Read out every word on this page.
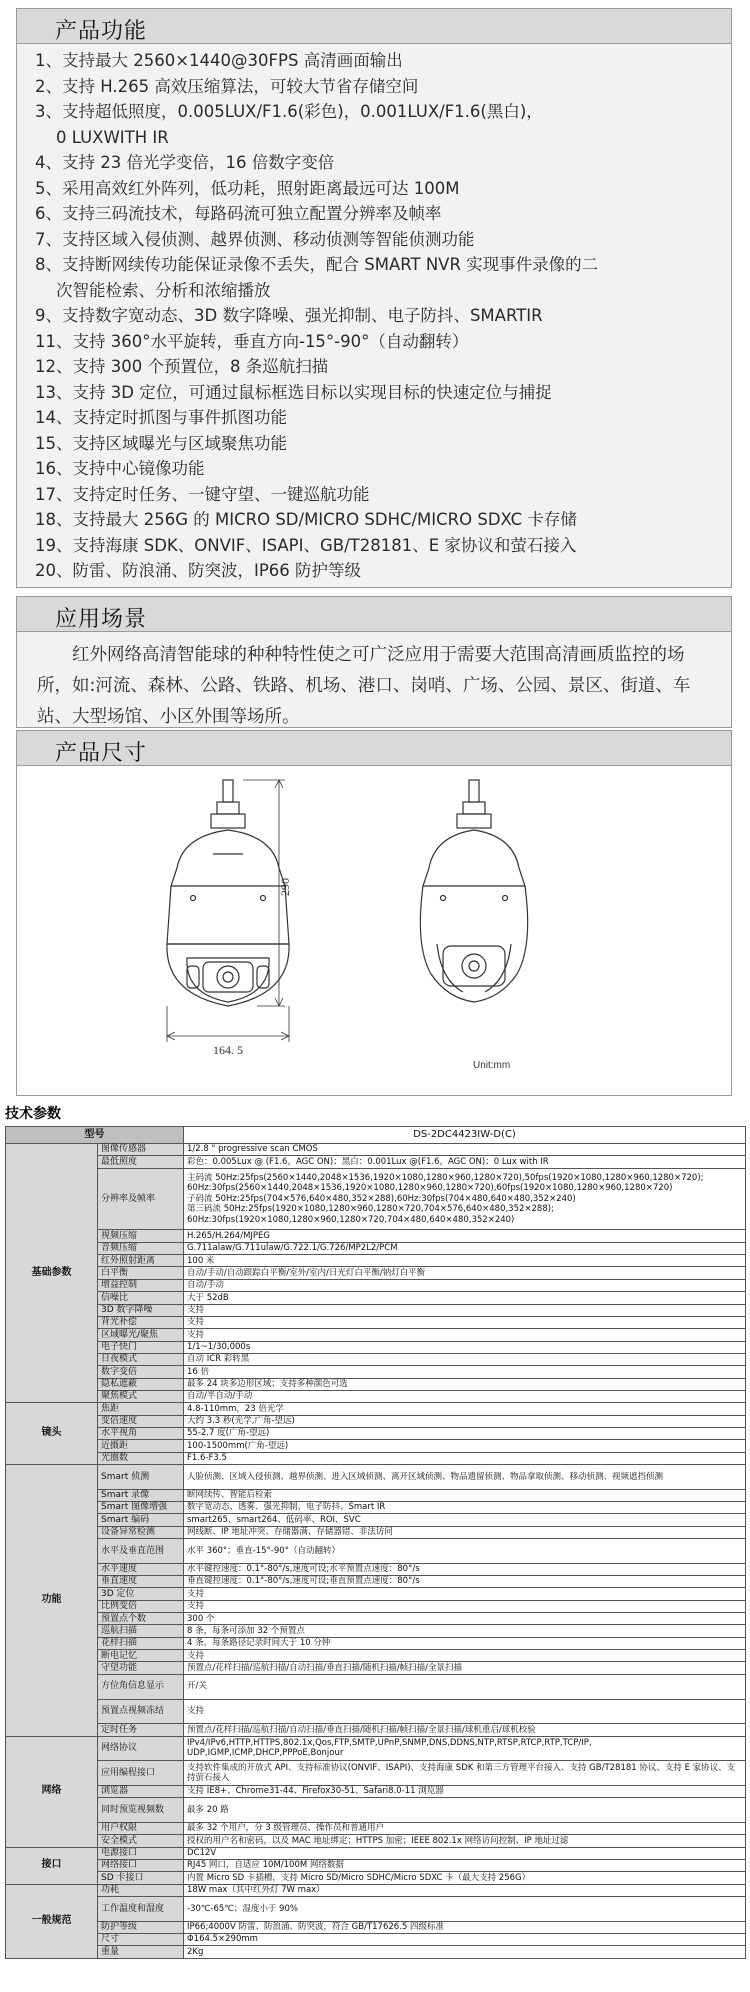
产品功能
1、支持最大 2560×1440@30FPS 高清画面输出
2、支持 H.265 高效压缩算法，可较大节省存储空间
3、支持超低照度，0.005LUX/F1.6(彩色)，0.001LUX/F1.6(黑白)，
0 LUXWITH IR
4、支持 23 倍光学变倍，16 倍数字变倍
5、采用高效红外阵列，低功耗，照射距离最远可达 100M
6、支持三码流技术，每路码流可独立配置分辨率及帧率
7、支持区域入侵侦测、越界侦测、移动侦测等智能侦测功能
8、支持断网续传功能保证录像不丢失，配合 SMART NVR 实现事件录像的二
次智能检索、分析和浓缩播放
9、支持数字宽动态、3D 数字降噪、强光抑制、电子防抖、SMARTIR
11、支持 360°水平旋转，垂直方向-15°-90°（自动翻转）
12、支持 300 个预置位，8 条巡航扫描
13、支持 3D 定位，可通过鼠标框选目标以实现目标的快速定位与捕捉
14、支持定时抓图与事件抓图功能
15、支持区域曝光与区域聚焦功能
16、支持中心镜像功能
17、支持定时任务、一键守望、一键巡航功能
18、支持最大 256G 的 MICRO SD/MICRO SDHC/MICRO SDXC 卡存储
19、支持海康 SDK、ONVIF、ISAPI、GB/T28181、E 家协议和萤石接入
20、防雷、防浪涌、防突波，IP66 防护等级
应用场景

红外网络高清智能球的种种特性使之可广泛应用于需要大范围高清画质监控的场所，如:河流、森林、公路、铁路、机场、港口、岗哨、广场、公园、景区、街道、车站、大型场馆、小区外围等场所。

产品尺寸
290
164. 5
Unit:mm
技术参数
型号		DS-2DC4423IW-D(C)
基础参数	图像传感器	1/2.8 " progressive scan CMOS
	最低照度	彩色：0.005Lux @ (F1.6，AGC ON)；黑白：0.001Lux @(F1.6，AGC ON)；0 Lux with IR
	分辨率及帧率	主码流 50Hz:25fps(2560×1440,2048×1536,1920×1080,1280×960,1280×720),50fps(1920×1080,1280×960,1280×720);
60Hz:30fps(2560×1440,2048×1536,1920×1080,1280×960,1280×720),60fps(1920×1080,1280×960,1280×720)
子码流 50Hz:25fps(704×576,640×480,352×288),60Hz:30fps(704×480,640×480,352×240)
第三码流 50Hz:25fps(1920×1080,1280×960,1280×720,704×576,640×480,352×288);
60Hz:30fps(1920×1080,1280×960,1280×720,704×480,640×480,352×240)
	视频压缩	H.265/H.264/MJPEG
	音频压缩	G.711alaw/G.711ulaw/G.722.1/G.726/MP2L2/PCM
	红外照射距离	100 米
	白平衡	自动/手动/自动跟踪白平衡/室外/室内/日光灯白平衡/钠灯白平衡
	增益控制	自动/手动
	信噪比	大于 52dB
	3D 数字降噪	支持
	背光补偿	支持
	区域曝光/聚焦	支持
	电子快门	1/1~1/30,000s
	日夜模式	自动 ICR 彩转黑
	数字变倍	16 倍
	隐私遮蔽	最多 24 块多边形区域；支持多种颜色可选
	聚焦模式	自动/半自动/手动
镜头	焦距	4.8-110mm，23 倍光学
	变倍速度	大约 3.3 秒(光学,广角-望远)
	水平视角	55-2.7 度(广角-望远)
	近摄距	100-1500mm(广角-望远)
	光圈数	F1.6-F3.5
功能	Smart 侦测	人脸侦测、区域入侵侦测、越界侦测、进入区域侦测、离开区域侦测、物品遗留侦测、物品拿取侦测、移动侦测、视频遮挡侦测
	Smart 录像	断网续传、智能后检索
	Smart 图像增强	数字宽动态、透雾、强光抑制、电子防抖、Smart IR
	Smart 编码	smart265、smart264、低码率、ROI、SVC
	设备异常检测	网线断、IP 地址冲突、存储器满、存储器错、非法访问
	水平及垂直范围	水平 360°；垂直-15°-90°（自动翻转）
	水平速度	水平键控速度：0.1°-80°/s,速度可设;水平预置点速度：80°/s
	垂直速度	垂直键控速度：0.1°-80°/s,速度可设;垂直预置点速度：80°/s
	3D 定位	支持
	比例变倍	支持
	预置点个数	300 个
	巡航扫描	8 条，每条可添加 32 个预置点
	花样扫描	4 条，每条路径记录时间大于 10 分钟
	断电记忆	支持
	守望功能	预置点/花样扫描/巡航扫描/自动扫描/垂直扫描/随机扫描/帧扫描/全景扫描
	方位角信息显示	开/关
	预置点视频冻结	支持
	定时任务	预置点/花样扫描/巡航扫描/自动扫描/垂直扫描/随机扫描/帧扫描/全景扫描/球机重启/球机校验
网络	网络协议	IPv4/IPv6,HTTP,HTTPS,802.1x,Qos,FTP,SMTP,UPnP,SNMP,DNS,DDNS,NTP,RTSP,RTCP,RTP,TCP/IP,
UDP,IGMP,ICMP,DHCP,PPPoE,Bonjour
	应用编程接口	支持软件集成的开放式 API、支持标准协议(ONVIF、ISAPI)、支持海康 SDK 和第三方管理平台接入、支持 GB/T28181 协议、支持 E 家协议、支持萤石接入
	浏览器	支持 IE8+、Chrome31-44、Firefox30-51、Safari8.0-11 浏览器
	同时预览视频数	最多 20 路
	用户权限	最多 32 个用户，分 3 级管理员、操作员和普通用户
	安全模式	授权的用户名和密码，以及 MAC 地址绑定；HTTPS 加密；IEEE 802.1x 网络访问控制、IP 地址过滤
接口	电源接口	DC12V
	网络接口	RJ45 网口，自适应 10M/100M 网络数据
	SD 卡接口	内置 Micro SD 卡插槽，支持 Micro SD/Micro SDHC/Micro SDXC 卡（最大支持 256G）
一般规范	功耗	18W max（其中红外灯 7W max）
	工作温度和湿度	-30℃-65℃；湿度小于 90%
	防护等级	IP66;4000V 防雷、防浪涌、防突波，符合 GB/T17626.5 四级标准
	尺寸	Φ164.5×290mm
	重量	2Kg
